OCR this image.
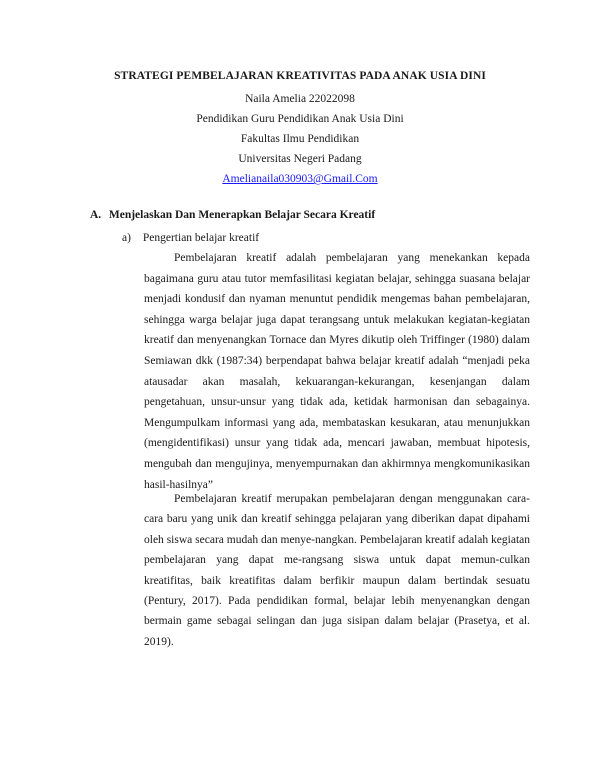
STRATEGI PEMBELAJARAN KREATIVITAS PADA ANAK USIA DINI
Naila Amelia 22022098
Pendidikan Guru Pendidikan Anak Usia Dini
Fakultas Ilmu Pendidikan
Universitas Negeri Padang
Amelianaila030903@Gmail.Com
A. Menjelaskan Dan Menerapkan Belajar Secara Kreatif
a) Pengertian belajar kreatif

Pembelajaran kreatif adalah pembelajaran yang menekankan kepada bagaimana guru atau tutor memfasilitasi kegiatan belajar, sehingga suasana belajar menjadi kondusif dan nyaman menuntut pendidik mengemas bahan pembelajaran, sehingga warga belajar juga dapat terangsang untuk melakukan kegiatan-kegiatan kreatif dan menyenangkan Tornace dan Myres dikutip oleh Triffinger (1980) dalam Semiawan dkk (1987:34) berpendapat bahwa belajar kreatif adalah “menjadi peka atausadar akan masalah, kekuarangan-kekurangan, kesenjangan dalam pengetahuan, unsur-unsur yang tidak ada, ketidak harmonisan dan sebagainya. Mengumpulkam informasi yang ada, membataskan kesukaran, atau menunjukkan (mengidentifikasi) unsur yang tidak ada, mencari jawaban, membuat hipotesis, mengubah dan mengujinya, menyempurnakan dan akhirmnya mengkomunikasikan hasil-hasilnya”

Pembelajaran kreatif merupakan pembelajaran dengan menggunakan cara-cara baru yang unik dan kreatif sehingga pelajaran yang diberikan dapat dipahami oleh siswa secara mudah dan menye-nangkan. Pembelajaran kreatif adalah kegiatan pembelajaran yang dapat me-rangsang siswa untuk dapat memun-culkan kreatifitas, baik kreatifitas dalam berfikir maupun dalam bertindak sesuatu (Pentury, 2017). Pada pendidikan formal, belajar lebih menyenangkan dengan bermain game sebagai selingan dan juga sisipan dalam belajar (Prasetya, et al. 2019).
